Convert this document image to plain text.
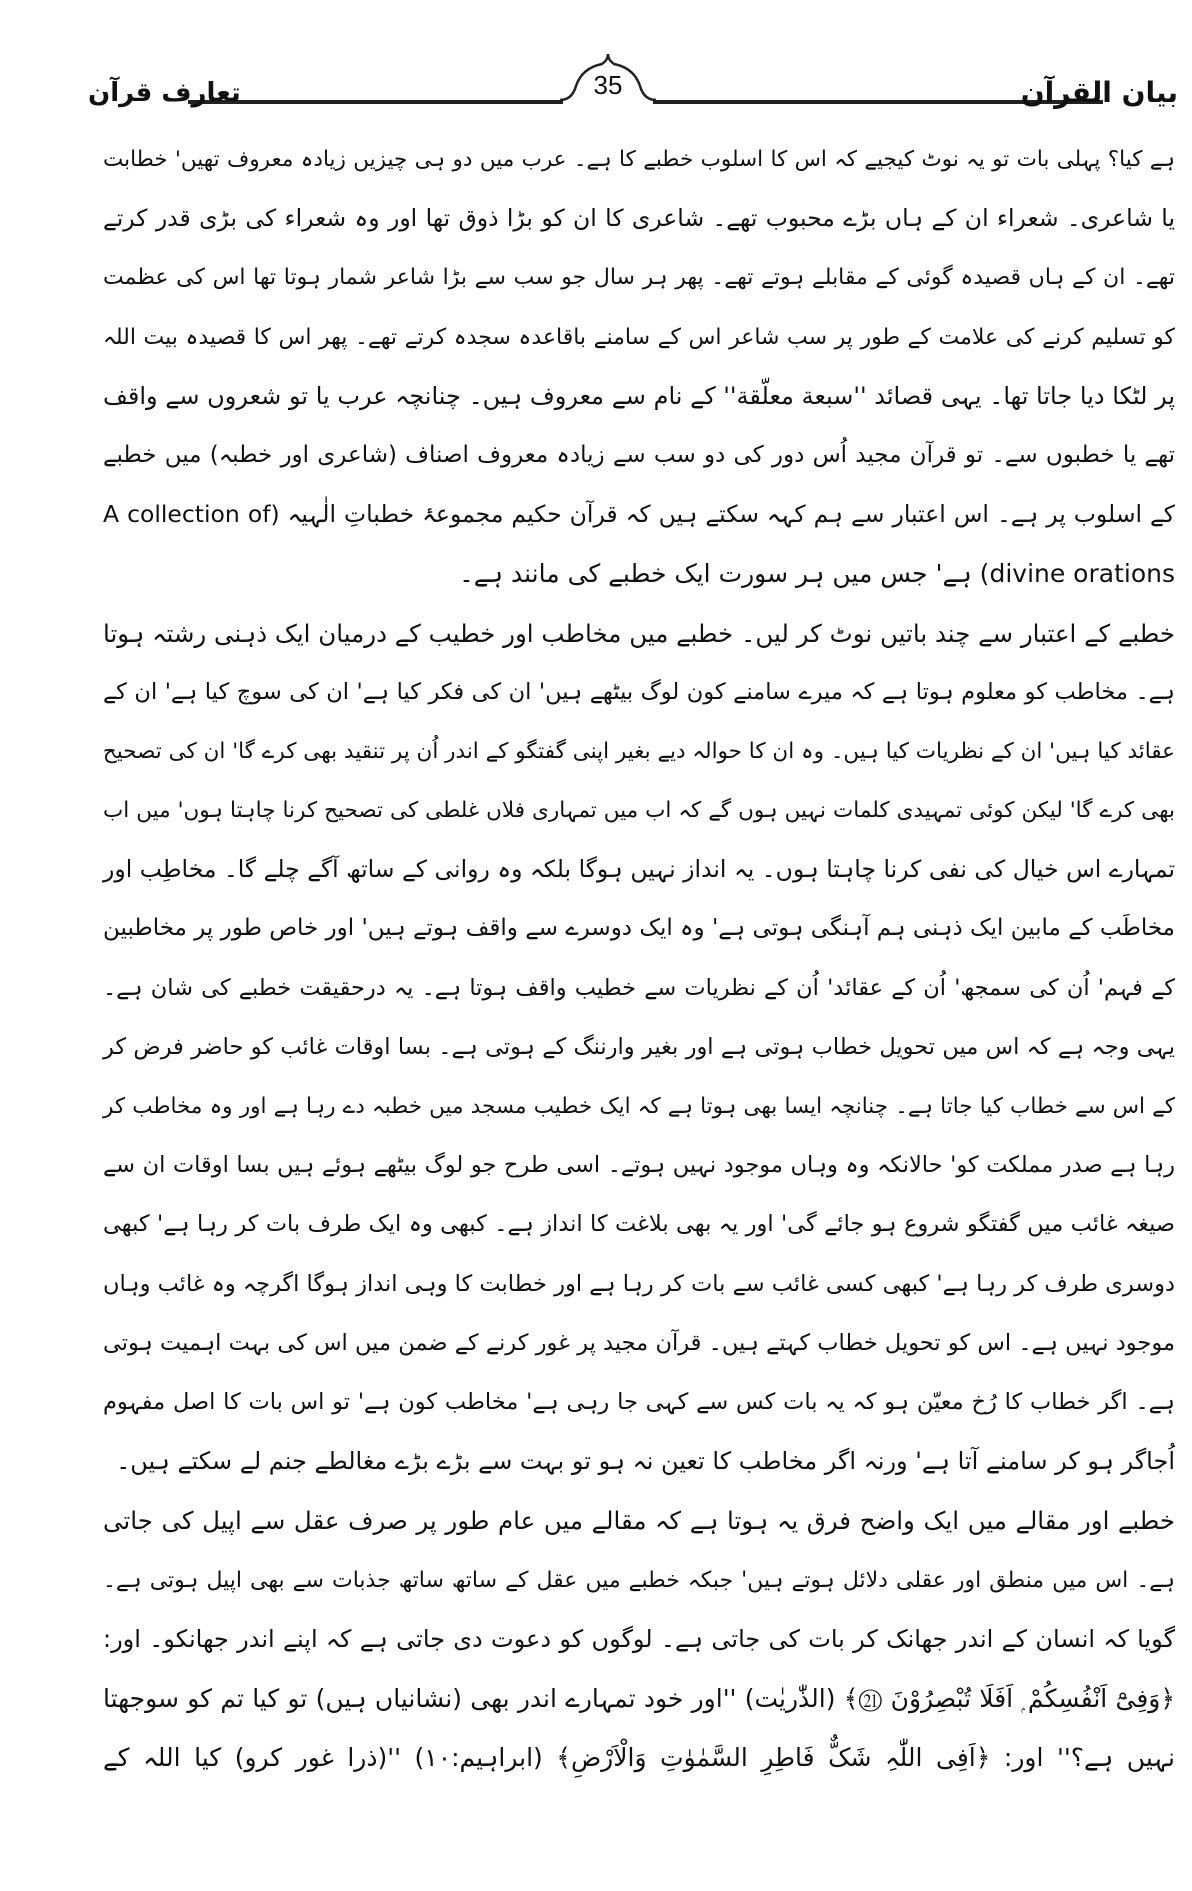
بیان القرآن
تعارف قرآن	35
ہے کیا؟ پہلی بات تو یہ نوٹ کیجیے کہ اس کا اسلوب خطبے کا ہے۔ عرب میں دو ہی چیزیں زیادہ معروف تھیں' خطابت
یا شاعری۔ شعراء ان کے ہاں بڑے محبوب تھے۔ شاعری کا ان کو بڑا ذوق تھا اور وہ شعراء کی بڑی قدر کرتے
تھے۔ ان کے ہاں قصیدہ گوئی کے مقابلے ہوتے تھے۔ پھر ہر سال جو سب سے بڑا شاعر شمار ہوتا تھا اس کی عظمت
کو تسلیم کرنے کی علامت کے طور پر سب شاعر اس کے سامنے باقاعدہ سجدہ کرتے تھے۔ پھر اس کا قصیدہ بیت اللہ
پر لٹکا دیا جاتا تھا۔ یہی قصائد ''سبعة معلّقة'' کے نام سے معروف ہیں۔ چنانچہ عرب یا تو شعروں سے واقف
تھے یا خطبوں سے۔ تو قرآن مجید اُس دور کی دو سب سے زیادہ معروف اصناف (شاعری اور خطبہ) میں خطبے
کے اسلوب پر ہے۔ اس اعتبار سے ہم کہہ سکتے ہیں کہ قرآن حکیم مجموعۂ خطباتِ الٰہیہ (A collection of
divine orations) ہے' جس میں ہر سورت ایک خطبے کی مانند ہے۔
خطبے کے اعتبار سے چند باتیں نوٹ کر لیں۔ خطبے میں مخاطب اور خطیب کے درمیان ایک ذہنی رشتہ ہوتا
ہے۔ مخاطب کو معلوم ہوتا ہے کہ میرے سامنے کون لوگ بیٹھے ہیں' ان کی فکر کیا ہے' ان کی سوچ کیا ہے' ان کے
عقائد کیا ہیں' ان کے نظریات کیا ہیں۔ وہ ان کا حوالہ دیے بغیر اپنی گفتگو کے اندر اُن پر تنقید بھی کرے گا' ان کی تصحیح
بھی کرے گا' لیکن کوئی تمہیدی کلمات نہیں ہوں گے کہ اب میں تمہاری فلاں غلطی کی تصحیح کرنا چاہتا ہوں' میں اب
تمہارے اس خیال کی نفی کرنا چاہتا ہوں۔ یہ انداز نہیں ہوگا بلکہ وہ روانی کے ساتھ آگے چلے گا۔ مخاطِب اور
مخاطَب کے مابین ایک ذہنی ہم آہنگی ہوتی ہے' وہ ایک دوسرے سے واقف ہوتے ہیں' اور خاص طور پر مخاطبین
کے فہم' اُن کی سمجھ' اُن کے عقائد' اُن کے نظریات سے خطیب واقف ہوتا ہے۔ یہ درحقیقت خطبے کی شان ہے۔
یہی وجہ ہے کہ اس میں تحویل خطاب ہوتی ہے اور بغیر وارننگ کے ہوتی ہے۔ بسا اوقات غائب کو حاضر فرض کر
کے اس سے خطاب کیا جاتا ہے۔ چنانچہ ایسا بھی ہوتا ہے کہ ایک خطیب مسجد میں خطبہ دے رہا ہے اور وہ مخاطب کر
رہا ہے صدر مملکت کو' حالانکہ وہ وہاں موجود نہیں ہوتے۔ اسی طرح جو لوگ بیٹھے ہوئے ہیں بسا اوقات ان سے
صیغہ غائب میں گفتگو شروع ہو جائے گی' اور یہ بھی بلاغت کا انداز ہے۔ کبھی وہ ایک طرف بات کر رہا ہے' کبھی
دوسری طرف کر رہا ہے' کبھی کسی غائب سے بات کر رہا ہے اور خطابت کا وہی انداز ہوگا اگرچہ وہ غائب وہاں
موجود نہیں ہے۔ اس کو تحویل خطاب کہتے ہیں۔ قرآن مجید پر غور کرنے کے ضمن میں اس کی بہت اہمیت ہوتی
ہے۔ اگر خطاب کا رُخ معیّن ہو کہ یہ بات کس سے کہی جا رہی ہے' مخاطب کون ہے' تو اس بات کا اصل مفہوم
اُجاگر ہو کر سامنے آتا ہے' ورنہ اگر مخاطب کا تعین نہ ہو تو بہت سے بڑے بڑے مغالطے جنم لے سکتے ہیں۔
خطبے اور مقالے میں ایک واضح فرق یہ ہوتا ہے کہ مقالے میں عام طور پر صرف عقل سے اپیل کی جاتی
ہے۔ اس میں منطق اور عقلی دلائل ہوتے ہیں' جبکہ خطبے میں عقل کے ساتھ ساتھ جذبات سے بھی اپیل ہوتی ہے۔
گویا کہ انسان کے اندر جھانک کر بات کی جاتی ہے۔ لوگوں کو دعوت دی جاتی ہے کہ اپنے اندر جھانکو۔ اور:
﴿وَفِیْٓ اَنْفُسِکُمْ ۭ اَفَلَا تُبْصِرُوْنَ ㉑﴾ (الذّٰریٰت) ''اور خود تمہارے اندر بھی (نشانیاں ہیں) تو کیا تم کو سوجھتا
نہیں ہے؟'' اور: ﴿اَفِی اللّٰہِ شَکٌّ فَاطِرِ السَّمٰوٰتِ وَالْاَرْضِ﴾ (ابراہیم:۱۰) ''(ذرا غور کرو) کیا اللہ کے
